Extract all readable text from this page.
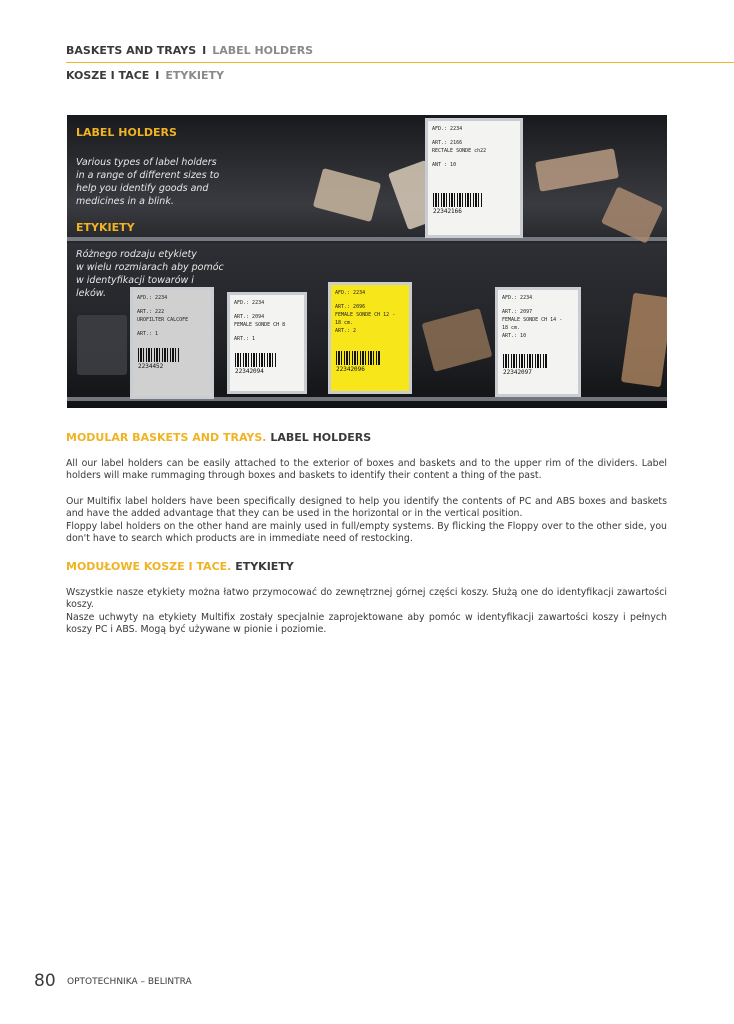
BASKETS AND TRAYS I LABEL HOLDERS
KOSZE I TACE I ETYKIETY
AFD.: 2234
ART.: 2166
RECTALE SONDE ch22
ANT : 10
22342166
AFD.: 2234
ART.: 222
UROFILTER CALCOFE
ART.: 1
2234452
AFD.: 2234
ART.: 2094
FEMALE SONDE CH 8
ART.: 1
22342094
AFD.: 2234
ART.: 2096
FEMALE SONDE CH 12 -
18 cm.
ART.: 2
22342096
AFD.: 2234
ART.: 2097
FEMALE SONDE CH 14 -
18 cm.
ART.: 10
22342097
LABEL HOLDERS
Various types of label holders
in a range of different sizes to
help you identify goods and
medicines in a blink.
ETYKIETY
Różnego rodzaju etykiety
w wielu rozmiarach aby pomóc
w identyfikacji towarów i leków.
MODULAR BASKETS AND TRAYS. LABEL HOLDERS
All our label holders can be easily attached to the exterior of boxes and baskets and to the upper rim of the dividers. Label holders will make rummaging through boxes and baskets to identify their content a thing of the past.
Our Multifix label holders have been specifically designed to help you identify the contents of PC and ABS boxes and baskets and have the added advantage that they can be used in the horizontal or in the vertical position.
Floppy label holders on the other hand are mainly used in full/empty systems. By flicking the Floppy over to the other side, you don't have to search which products are in immediate need of restocking.
MODUŁOWE KOSZE I TACE. ETYKIETY
Wszystkie nasze etykiety można łatwo przymocować do zewnętrznej górnej części koszy. Służą one do identyfikacji zawartości koszy.
Nasze uchwyty na etykiety Multifix zostały specjalnie zaprojektowane aby pomóc w identyfikacji zawartości koszy i pełnych koszy PC i ABS. Mogą być używane w pionie i poziomie.
80 OPTOTECHNIKA – BELINTRA
